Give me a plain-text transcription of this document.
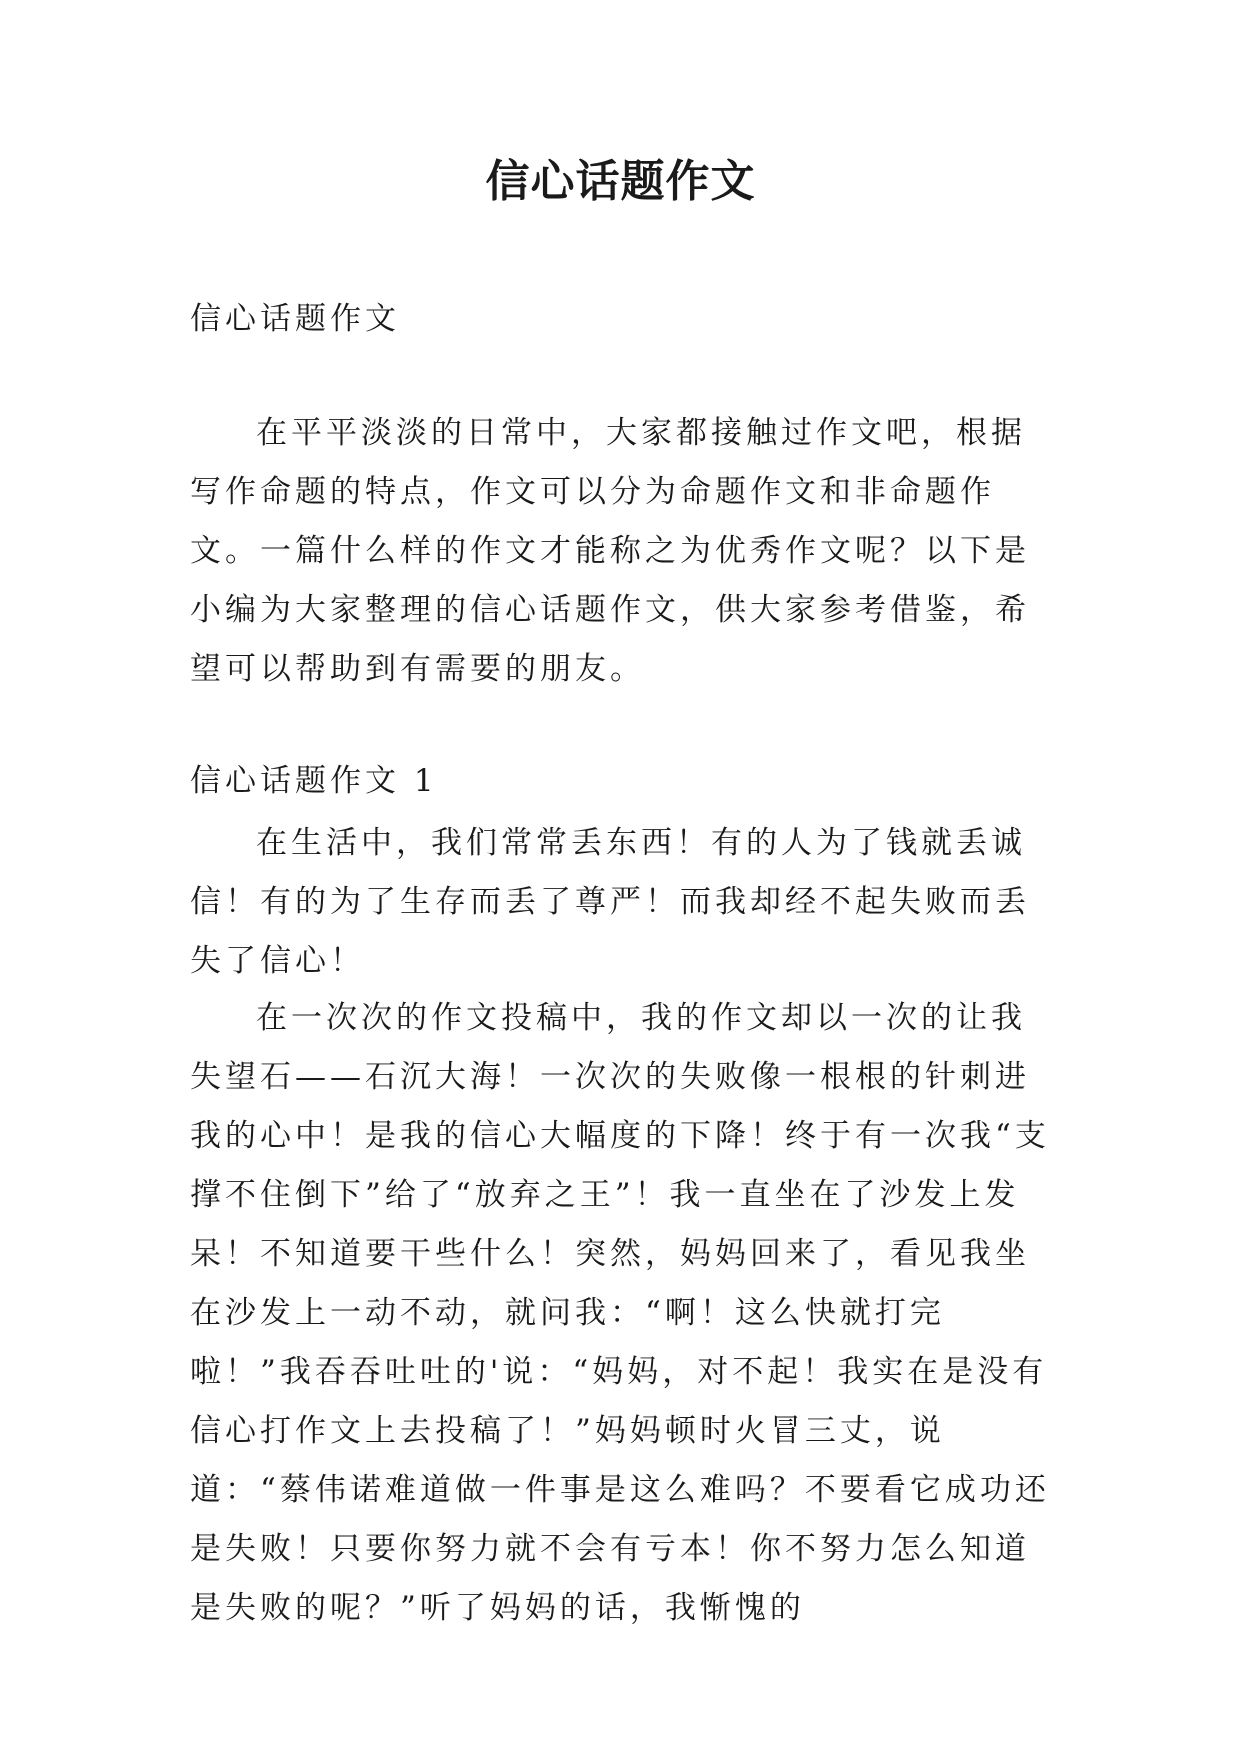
信心话题作文

信心话题作文

在平平淡淡的日常中，大家都接触过作文吧，根据写作命题的特点，作文可以分为命题作文和非命题作文。一篇什么样的作文才能称之为优秀作文呢？以下是小编为大家整理的信心话题作文，供大家参考借鉴，希望可以帮助到有需要的朋友。

信心话题作文 1

在生活中，我们常常丢东西！有的人为了钱就丢诚信！有的为了生存而丢了尊严！而我却经不起失败而丢失了信心！

在一次次的作文投稿中，我的作文却以一次的让我失望石——石沉大海！一次次的失败像一根根的针刺进我的心中！是我的信心大幅度的下降！终于有一次我“支撑不住倒下”给了“放弃之王”！我一直坐在了沙发上发呆！不知道要干些什么！突然，妈妈回来了，看见我坐在沙发上一动不动，就问我：“啊！这么快就打完啦！”我吞吞吐吐的'说：“妈妈，对不起！我实在是没有信心打作文上去投稿了！”妈妈顿时火冒三丈，说道：“蔡伟诺难道做一件事是这么难吗？不要看它成功还是失败！只要你努力就不会有亏本！你不努力怎么知道是失败的呢？”听了妈妈的话，我惭愧的
